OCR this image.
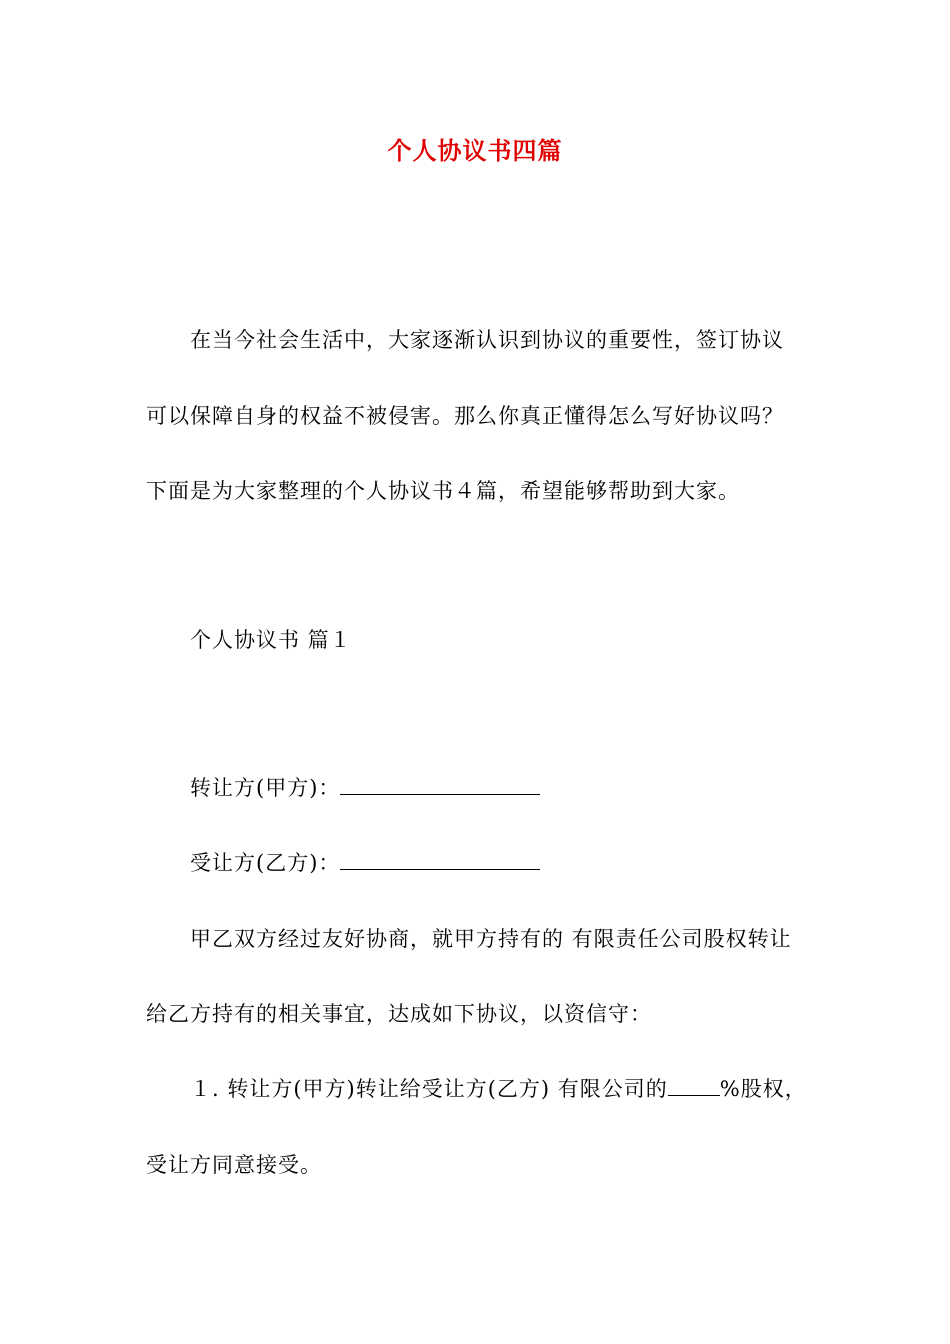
个人协议书四篇
在当今社会生活中，大家逐渐认识到协议的重要性，签订协议
可以保障自身的权益不被侵害。那么你真正懂得怎么写好协议吗？
下面是为大家整理的个人协议书４篇，希望能够帮助到大家。
个人协议书 篇１
转让方(甲方)：
受让方(乙方)：
甲乙双方经过友好协商，就甲方持有的 有限责任公司股权转让
给乙方持有的相关事宜，达成如下协议，以资信守：
１. 转让方(甲方)转让给受让方(乙方) 有限公司的 %股权，
受让方同意接受。
